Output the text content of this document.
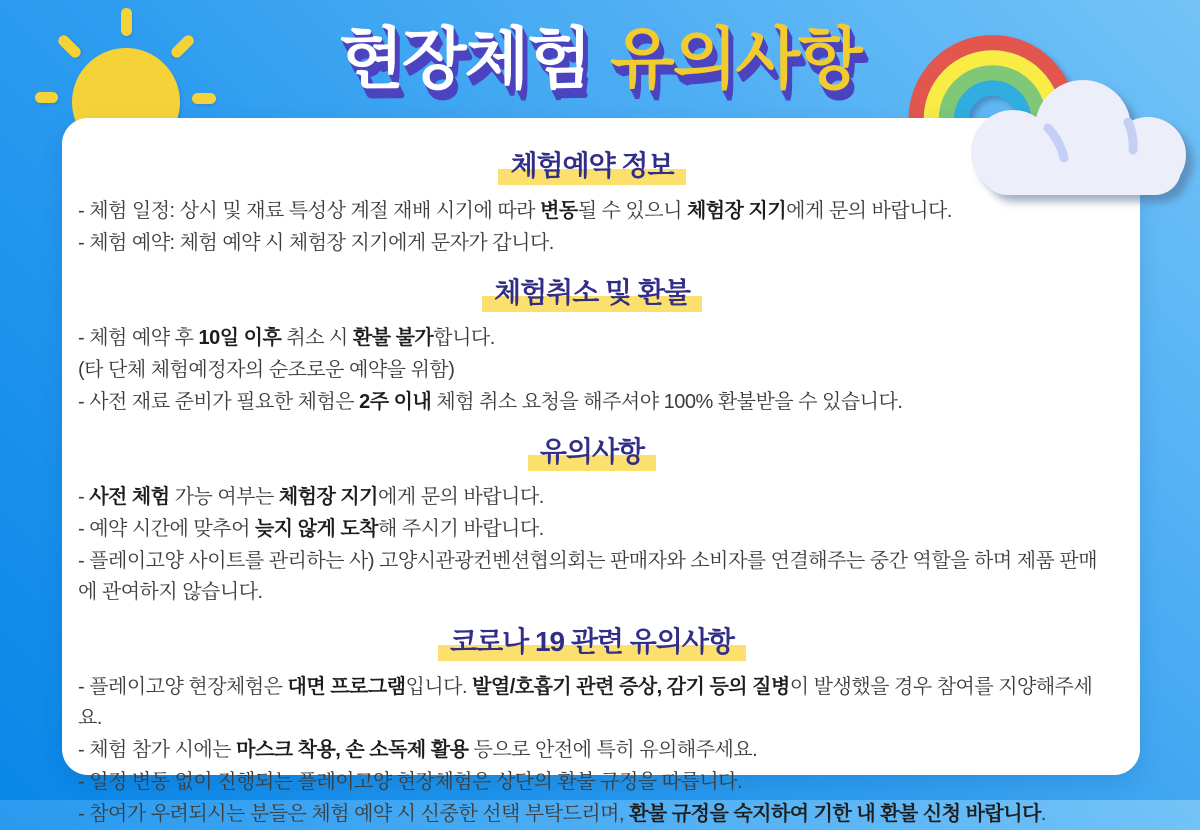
현장체험 유의사항
체험예약 정보

- 체험 일정: 상시 및 재료 특성상 계절 재배 시기에 따라 변동될 수 있으니 체험장 지기에게 문의 바랍니다.

- 체험 예약: 체험 예약 시 체험장 지기에게 문자가 갑니다.

체험취소 및 환불

- 체험 예약 후 10일 이후 취소 시 환불 불가합니다.

(타 단체 체험예정자의 순조로운 예약을 위함)

- 사전 재료 준비가 필요한 체험은 2주 이내 체험 취소 요청을 해주셔야 100% 환불받을 수 있습니다.

유의사항

- 사전 체험 가능 여부는 체험장 지기에게 문의 바랍니다.

- 예약 시간에 맞추어 늦지 않게 도착해 주시기 바랍니다.

- 플레이고양 사이트를 관리하는 사) 고양시관광컨벤션협의회는 판매자와 소비자를 연결해주는 중간 역할을 하며 제품 판매에 관여하지 않습니다.

코로나 19 관련 유의사항

- 플레이고양 현장체험은 대면 프로그램입니다. 발열/호흡기 관련 증상, 감기 등의 질병이 발생했을 경우 참여를 지양해주세요.

- 체험 참가 시에는 마스크 착용, 손 소독제 활용 등으로 안전에 특히 유의해주세요.

- 일정 변동 없이 진행되는 플레이고양 현장체험은 상단의 환불 규정을 따릅니다.

- 참여가 우려되시는 분들은 체험 예약 시 신중한 선택 부탁드리며, 환불 규정을 숙지하여 기한 내 환불 신청 바랍니다.
